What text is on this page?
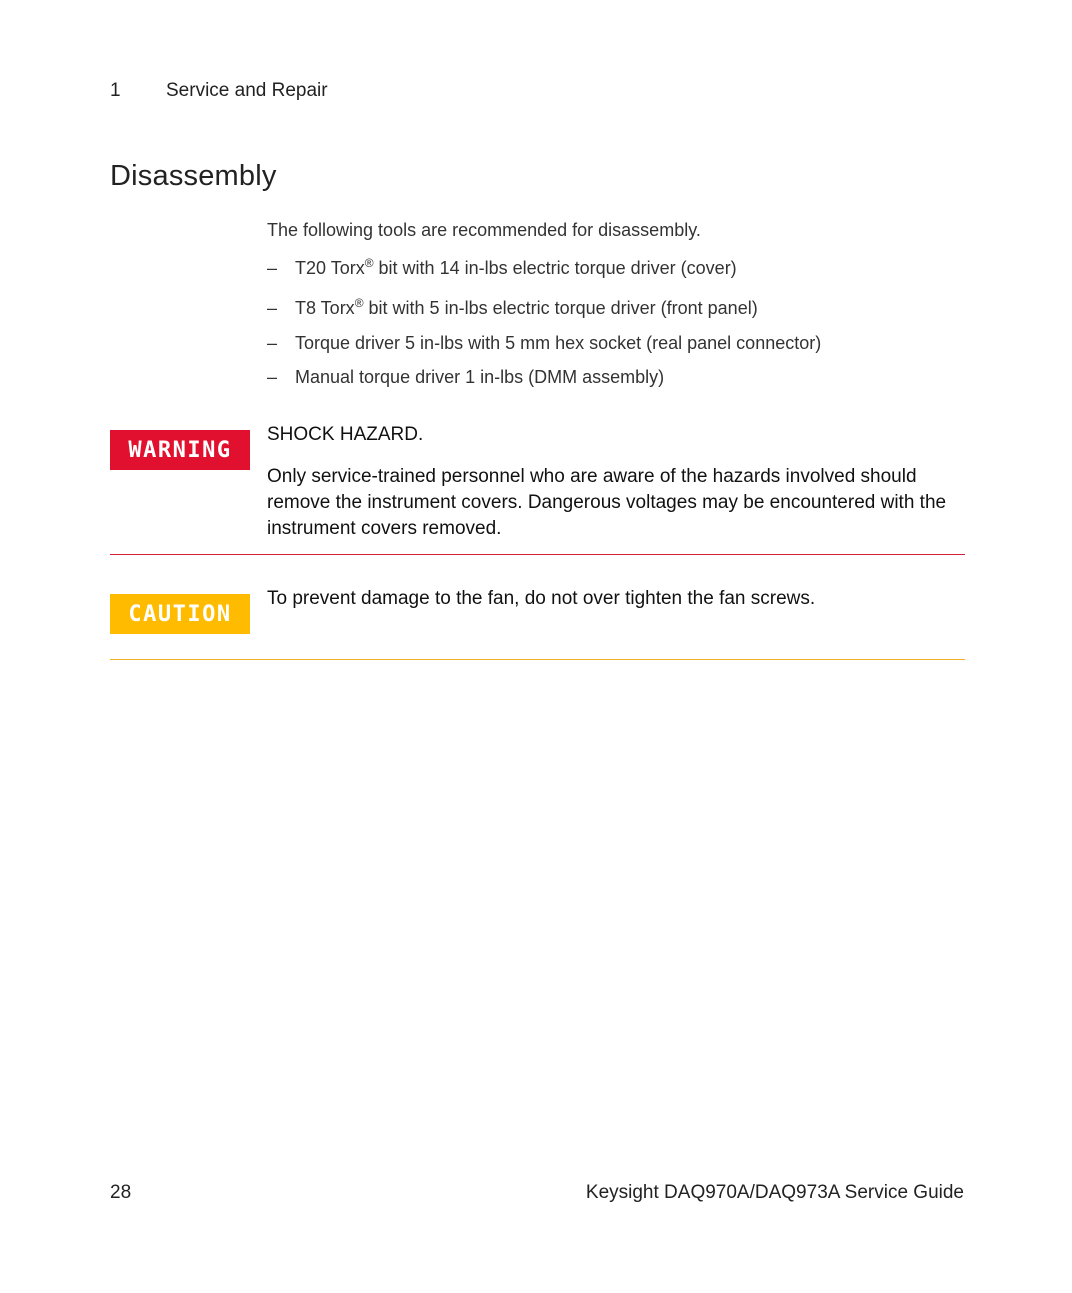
1 Service and Repair
Disassembly
The following tools are recommended for disassembly.
– T20 Torx® bit with 14 in-lbs electric torque driver (cover)
– T8 Torx® bit with 5 in-lbs electric torque driver (front panel)
– Torque driver 5 in-lbs with 5 mm hex socket (real panel connector)
– Manual torque driver 1 in-lbs (DMM assembly)
WARNING
SHOCK HAZARD.
Only service-trained personnel who are aware of the hazards involved should remove the instrument covers. Dangerous voltages may be encountered with the instrument covers removed.
CAUTION
To prevent damage to the fan, do not over tighten the fan screws.
28	Keysight DAQ970A/DAQ973A Service Guide
